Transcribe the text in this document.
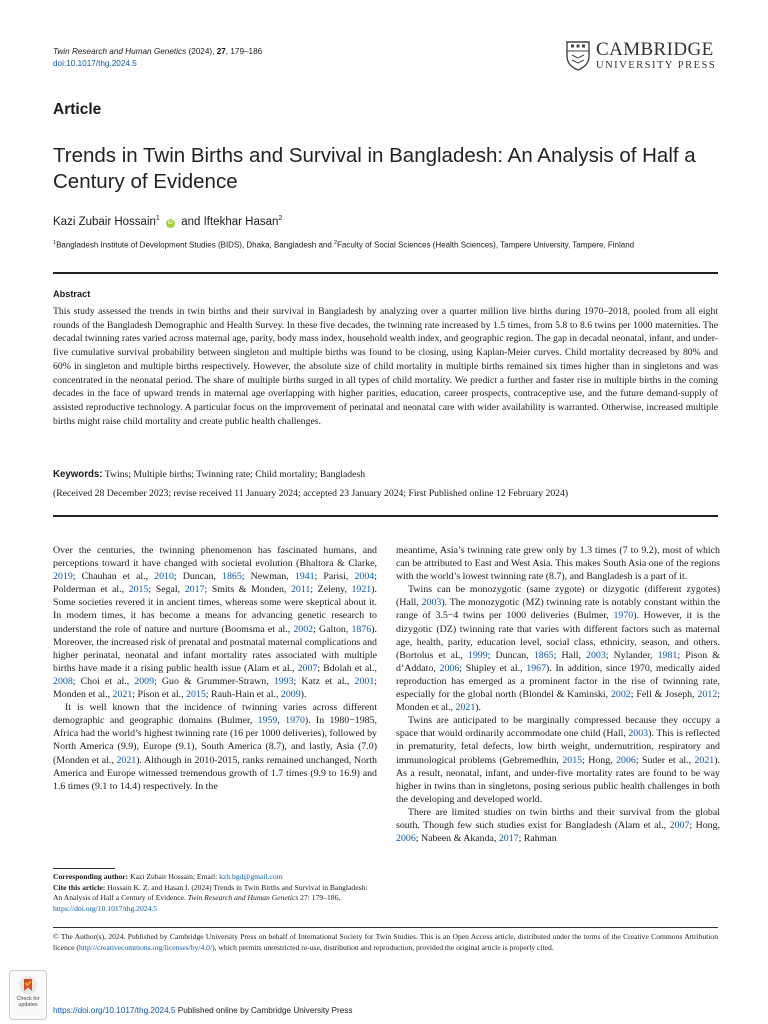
Twin Research and Human Genetics (2024), 27, 179–186
doi:10.1017/thg.2024.5
CAMBRIDGE
UNIVERSITY PRESS
Article
Trends in Twin Births and Survival in Bangladesh: An Analysis of Half a Century of Evidence
Kazi Zubair Hossain$^1$ iD and Iftekhar Hasan$^2$
$^1$Bangladesh Institute of Development Studies (BIDS), Dhaka, Bangladesh and $^2$Faculty of Social Sciences (Health Sciences), Tampere University, Tampere, Finland
Abstract
This study assessed the trends in twin births and their survival in Bangladesh by analyzing over a quarter million live births during 1970–2018, pooled from all eight rounds of the Bangladesh Demographic and Health Survey. In these five decades, the twinning rate increased by 1.5 times, from 5.8 to 8.6 twins per 1000 maternities. The decadal twinning rates varied across maternal age, parity, body mass index, household wealth index, and geographic region. The gap in decadal neonatal, infant, and under-five cumulative survival probability between singleton and multiple births was found to be closing, using Kaplan-Meier curves. Child mortality decreased by 80% and 60% in singleton and multiple births respectively. However, the absolute size of child mortality in multiple births remained six times higher than in singletons and was concentrated in the neonatal period. The share of multiple births surged in all types of child mortality. We predict a further and faster rise in multiple births in the coming decades in the face of upward trends in maternal age overlapping with higher parities, education, career prospects, contraceptive use, and the future demand-supply of assisted reproductive technology. A particular focus on the improvement of perinatal and neonatal care with wider availability is warranted. Otherwise, increased multiple births might raise child mortality and create public health challenges.
Keywords: Twins; Multiple births; Twinning rate; Child mortality; Bangladesh
(Received 28 December 2023; revise received 11 January 2024; accepted 23 January 2024; First Published online 12 February 2024)

Over the centuries, the twinning phenomenon has fascinated humans, and perceptions toward it have changed with societal evolution (Bhaltora & Clarke, 2019; Chauhan et al., 2010; Duncan, 1865; Newman, 1941; Parisi, 2004; Polderman et al., 2015; Segal, 2017; Smits & Monden, 2011; Zeleny, 1921). Some societies revered it in ancient times, whereas some were skeptical about it. In modern times, it has become a means for advancing genetic research to understand the role of nature and nurture (Boomsma et al., 2002; Galton, 1876). Moreover, the increased risk of prenatal and postnatal maternal complications and higher perinatal, neonatal and infant mortality rates associated with multiple births have made it a rising public health issue (Alam et al., 2007; Bdolah et al., 2008; Choi et al., 2009; Guo & Grummer-Strawn, 1993; Katz et al., 2001; Monden et al., 2021; Pison et al., 2015; Rauh-Hain et al., 2009).

It is well known that the incidence of twinning varies across different demographic and geographic domains (Bulmer, 1959, 1970). In 1980−1985, Africa had the world’s highest twinning rate (16 per 1000 deliveries), followed by North America (9.9), Europe (9.1), South America (8.7), and lastly, Asia (7.0) (Monden et al., 2021). Although in 2010-2015, ranks remained unchanged, North America and Europe witnessed tremendous growth of 1.7 times (9.9 to 16.9) and 1.6 times (9.1 to 14.4) respectively. In the

meantime, Asia’s twinning rate grew only by 1.3 times (7 to 9.2), most of which can be attributed to East and West Asia. This makes South Asia one of the regions with the world’s lowest twinning rate (8.7), and Bangladesh is a part of it.

Twins can be monozygotic (same zygote) or dizygotic (different zygotes) (Hall, 2003). The monozygotic (MZ) twinning rate is notably constant within the range of 3.5−4 twins per 1000 deliveries (Bulmer, 1970). However, it is the dizygotic (DZ) twinning rate that varies with different factors such as maternal age, health, parity, education level, social class, ethnicity, season, and others. (Bortolus et al., 1999; Duncan, 1865; Hall, 2003; Nylander, 1981; Pison & d’Addato, 2006; Shipley et al., 1967). In addition, since 1970, medically aided reproduction has emerged as a prominent factor in the rise of twinning rate, especially for the global north (Blondel & Kaminski, 2002; Fell & Joseph, 2012; Monden et al., 2021).

Twins are anticipated to be marginally compressed because they occupy a space that would ordinarily accommodate one child (Hall, 2003). This is reflected in prematurity, fetal defects, low birth weight, undernutrition, respiratory and immunological problems (Gebremedhin, 2015; Hong, 2006; Suder et al., 2021). As a result, neonatal, infant, and under-five mortality rates are found to be way higher in twins than in singletons, posing serious public health challenges in both the developing and developed world.

There are limited studies on twin births and their survival from the global south. Though few such studies exist for Bangladesh (Alam et al., 2007; Hong, 2006; Nabeen & Akanda, 2017; Rahman

Corresponding author: Kazi Zubair Hossain; Email: kzh.bgd@gmail.com
Cite this article: Hossain K. Z. and Hasan I. (2024) Trends in Twin Births and Survival in Bangladesh: An Analysis of Half a Century of Evidence. Twin Research and Human Genetics 27: 179–186, https://doi.org/10.1017/thg.2024.5
© The Author(s), 2024. Published by Cambridge University Press on behalf of International Society for Twin Studies. This is an Open Access article, distributed under the terms of the Creative Commons Attribution licence (http://creativecommons.org/licenses/by/4.0/), which permits unrestricted re-use, distribution and reproduction, provided the original article is properly cited.
Check for
updates
https://doi.org/10.1017/thg.2024.5 Published online by Cambridge University Press
